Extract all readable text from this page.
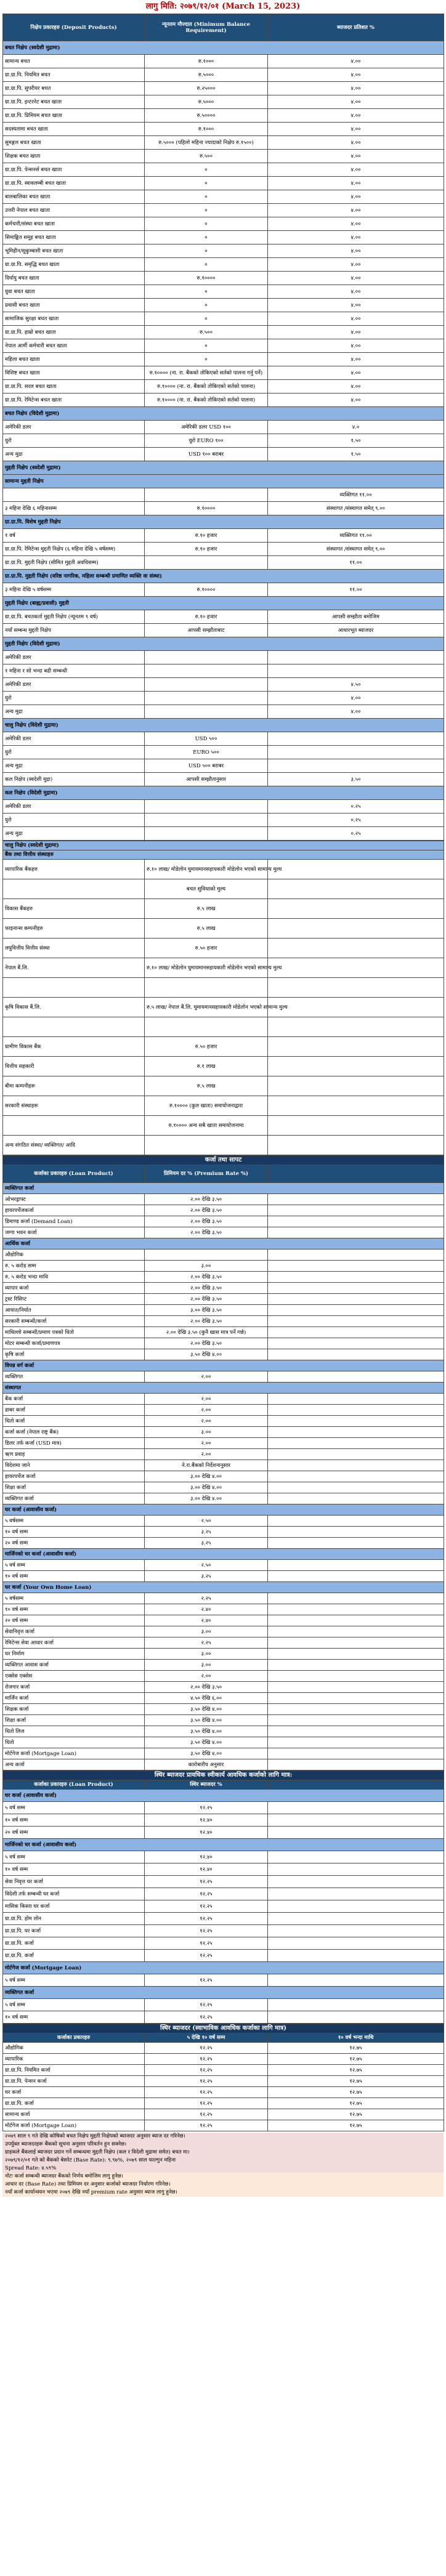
लागु मिति: २०७९/१२/०१ (March 15, 2023)
निक्षेप प्रकारहरु (Deposit Products)	न्यूनतम मौज्दात (Minimum Balance Requirement)	ब्याजदर प्रतिशत %
बचत निक्षेप (स्वदेशी मुद्रामा)		
सामान्य बचत	रु.१०००	४.००
ग्रा.ग्रा.पि. नियमित बचत	रु.५०००	४.००
ग्रा.ग्रा.पि. सुपरीयर बचत	रु.२५०००	४.००
ग्रा.ग्रा.पि. इन्टरनेट बचत खाता	रु.५०००	४.००
ग्रा.ग्रा.पि. प्रिमियम बचत खाता	रु.५००००	४.००
सदस्यतामा बचत खाता	रु.१०००	४.००
सुमङ्गल बचत खाता	रु.५००० (पहिलो महिना ज्यादाको निक्षेप रु.१५००)	४.००
शिक्षक बचत खाता	रु.५००	४.००
ग्रा.ग्रा.पि. पेन्सनर्स बचत खाता	०	४.००
ग्रा.ग्रा.पि. स्वावलम्बी बचत खाता	०	४.००
बालबालिका बचत खाता	०	४.००
उत्तरी नेपाल बचत खाता	०	४.००
कर्मचारी/संस्था बचत खाता	०	४.००
सिमाङ्कित समूह बचत खाता	०	४.००
भूमिहीन/सुकुम्बासी बचत खाता	०	४.००
ग्रा.ग्रा.पि. समृद्धि बचत खाता	०	४.००
दिर्घायु बचत खाता	रु.१००००	४.००
युवा बचत खाता	०	४.००
प्रवासी बचत खाता	०	४.००
सामाजिक सुरक्षा बचत खाता	०	४.००
ग्रा.ग्रा.पि. हाम्रो बचत खाता	रु.५००	४.००
नेपाल आर्मी कर्मचारी बचत खाता	०	४.००
महिला बचत खाता	०	४.००
विशिष्ट बचत खाता	रु.१०००० (ना. रा. बैंकको तोकिएको सर्तको पालना गर्नु पर्ने)	४.००
ग्रा.ग्रा.पि. सरल बचत खाता	रु.१०००० (ना. रा. बैंकको तोकिएको सर्तको पालना)	४.००
ग्रा.ग्रा.पि. रेमिटेन्स बचत खाता	रु.१०००० (ना. रा. बैंकको तोकिएको सर्तको पालना)	४.००
बचत निक्षेप (विदेशी मुद्रामा)		
अमेरिकी डलर	अमेरिकी डलर USD १००	४.०
युरो	युरो EURO १००	१.५०
अन्य मुद्रा	USD १०० बराबर	१.५०
मुद्दती निक्षेप (स्वदेशी मुद्रामा)		
सामान्य मुद्दती निक्षेप		
		व्यक्तिगत ११.००
३ महिना देखि ६ महिनासम्म	रु.१००००	संस्थागत /संस्थागत समेत् ९.००
ग्रा.ग्रा.पि. विशेष मुद्दती निक्षेप		
१ वर्ष	रु.१० हजार	व्यक्तिगत ११.००
ग्रा.ग्रा.पि. रेमिटेन्स मुद्दती निक्षेप (६ महिना देखि ५ वर्षसम्म)	रु.१० हजार	संस्थागत /संस्थागत समेत् ९.००
ग्रा.ग्रा.पि. मुद्दती निक्षेप (सीमित मुद्दती अवधिसम्म)		११.००
ग्रा.ग्रा.पि. मुद्दती निक्षेप (वरिष्ठ नागरिक, महिला सम्बन्धी प्रमाणित व्यक्ति वा संस्था)		
३ महिना देखि ५ वर्षसम्म	रु.१००००	११.००
मुद्दती निक्षेप (बाह्य/प्रवासी) मुद्दती		
ग्रा.ग्रा.पि. बचतकर्ता मुद्दती निक्षेप (न्यूनतम ९ वर्ष)	रु.१० हजार	आपसी सम्झौता बमोजिम
नयाँ सम्बन्ध मुद्दती निक्षेप	आपसी सम्झौताबाट	आधारभूत ब्याजदर
मुद्दती निक्षेप (विदेशी मुद्रामा)		
अमेरिकी डलर		
१ महिना र सो भन्दा बढी सम्बन्धी		
अमेरिकी डलर		४.५०
युरो		४.००
अन्य मुद्रा		४.००
चालु निक्षेप (विदेशी मुद्रामा)		
अमेरिकी डलर	USD ५००	
युरो	EURO ५००	
अन्य मुद्रा	USD ५०० बराबर	
कल निक्षेप (स्वदेशी मुद्रा)	आपसी सम्झौतानुसार	३.५०
कल निक्षेप (विदेशी मुद्रामा)		
अमेरिकी डलर		०.२५
युरो		०.२५
अन्य मुद्रा		०.२५
चालु निक्षेप (स्वदेशी मुद्रामा)		
बैंक तथा वित्तीय संस्थाहरु		
व्यापारिक बैंकहरु	रु.१० लाख/ मोडेलोन घुमायमानसहायकारी मोडेलोन भएको सामान्य मुल्य	
	बचत सुविधाको मुल्य	
विकास बैंकहरु	रु.५ लाख	
फाइनान्स कम्पनीहरु	रु.५ लाख	
लघुवित्तीय वित्तीय संस्था	रु.५० हजार	
नेपाल बैं.लि.	रु.१० लाख/ मोडेलोन घुमायमानसहायकारी मोडेलोन भएको सामान्य मुल्य	

कृषि विकास बैं.लि.	रु.५ लाख/ नेपाल बैं.लि. घुमायमानसहायकारी मोडेलोन भएको सामान्य मुल्य	

ग्रामीण विकास बैंक	रु.५० हजार	
वित्तीय सहकारी	रु.१ लाख	
बीमा कम्पनीहरू	रु.५ लाख	
सरकारी संस्थाहरू	रु.१०००० (कुल खाता) समायोजनाद्वारा	
	रु.१०००० अन्य सबै खाता समायोजनामा	
अन्य संगठित संस्था/ व्यक्तिगत/ आदि		
कर्जा तथा सापट		
कर्जाका प्रकारहरु (Loan Product)	प्रिमियम दर % (Premium Rate %)	
व्यक्तिगत कर्जा		
ओभरड्राफ्ट	२.०० देखि ३.५०	
हायरपर्चेजकर्जा	२.०० देखि ३.५०	
डिमाण्ड कर्जा (Demand Loan)	२.०० देखि ३.५०	
जग्गा भवन कर्जा	२.०० देखि ३.५०	
आर्थिक कर्जा		
औद्योगिक		
रु. ५ करोड सम्म	३.००	
रु. ५ करोड भन्दा माथि	२.०० देखि ३.५०	
व्यापार कर्जा	२.०० देखि ३.५०	
ट्रस्ट रिसिप्ट	२.०० देखि ३.५०	
आयात/निर्यात	३.०० देखि ३.५०	
सरकारी सम्बन्धी/कर्जा	२.०० देखि ३.५०	
माथिल्लो सम्बन्धी/प्रमाण पत्रको धितो	२.०० देखि ३.५० (कुनै खास मात्र पर्ने गर्छ)	
मोटर सम्बन्धी कर्जा/प्रमाणपत्र	२.०० देखि ३.५०	
कृषि कर्जा	३.५० देखि ४.००	
विपन्न वर्ग कर्जा		
व्यक्तिगत	२.००	
संस्थागत		
बैंक कर्जा	२.००	
डाबर कर्जा	२.००	
धितो कर्जा	२.००	
कर्जा कर्जा (नेपाल राष्ट्र बैंक)	३.००	
डिलर तर्फ कर्जा (USD मात्र)	२.००	
ऋण प्रवाह	२.००	
विदेशमा जाने	ने.रा.बैंकको निर्देशनानुसार	
हायरपर्चेज कर्जा	३.०० देखि ४.००	
शिक्षा कर्जा	३.०० देखि ४.००	
व्यक्तिगत कर्जा	३.०० देखि ४.००	
घर कर्जा (आवासीय कर्जा)		
५ वर्षसम्म	२.५०	
१० वर्ष सम्म	३.२५	
२० वर्ष सम्म	३.२५	
मार्जिनको घर कर्जा (आवासीय कर्जा)		
५ वर्ष सम्म	२.५०	
१० वर्ष सम्म	३.२५	
घर कर्जा (Your Own Home Loan)		
५ वर्षसम्म	२.२५	
१० वर्ष सम्म	२.४०	
२० वर्ष सम्म	२.४०	
सेवानिवृत्त कर्जा	३.००	
रेमिटेन्स सेवा आधार कर्जा	२.२५	
घर निर्माण	३.००	
व्यक्तिगत आवास कर्जा	३.००	
एक्सेस एक्सेस	२.००	
रोजगार कर्जा	२.०० देखि ३.५०	
मार्जिन कर्जा	४.५० देखि ६.००	
शिक्षक कर्जा	३.५० देखि ४.००	
शिक्षा कर्जा	३.५० देखि ४.००	
धितो लिज	३.५० देखि ४.००	
धितो	३.५० देखि ४.००	
मोर्टगेज कर्जा (Mortgage Loan)	३.५० देखि ४.००	
अन्य कर्जा	कारोबारीय अनुसार	
स्थिर ब्याजदर प्रावधिक स्वीकार्य आवधिक कर्जाको लागि मात्र:		
कर्जाका प्रकारहरु (Loan Product)	स्थिर ब्याजदर %	
घर कर्जा (आवासीय कर्जा)		
५ वर्ष सम्म	१२.२५	
१० वर्ष सम्म	१२.४०	
२० वर्ष सम्म	१२.४०	
मार्जिनको घर कर्जा (आवासीय कर्जा)		
५ वर्ष सम्म	१२.४०	
१० वर्ष सम्म	१२.४०	
सेवा निवृत्त घर कर्जा	१२.२५	
विदेशी तर्फ सम्बन्धी घर कर्जा	१२.२५	
मासिक किस्ता घर कर्जा	१२.२५	
ग्रा.ग्रा.पि. होम लोन	१२.२५	
ग्रा.ग्रा.पि. घर कर्जा	१२.२५	
ग्रा.ग्रा.पि. कर्जा	१२.२५	
ग्रा.ग्रा.पि. कर्जा	१२.२५	
मोर्टगेज कर्जा (Mortgage Loan)		
५ वर्ष सम्म	१२.२५	
व्यक्तिगत कर्जा		
५ वर्ष सम्म	१२.२५	
१० वर्ष सम्म	१२.२५	
स्थिर ब्याजदर (स्वाभाविक आवधिक कर्जाका लागि मात्र)		
कर्जाका प्रकारहरु	५ देखि १० वर्ष सम्म	१० वर्ष भन्दा माथि
औद्योगिक	१२.२५	१२.७५
व्यापारिक	१२.२५	१२.७५
ग्रा.ग्रा.पि. नियमित कर्जा	१२.२५	१२.७५
ग्रा.ग्रा.पि. पेन्सन कर्जा	१२.२५	१२.७५
घर कर्जा	१२.२५	१२.७५
ग्रा.ग्रा.पि. कर्जा	१२.२५	१२.७५
सामान्य कर्जा	१२.२५	१२.७५
मोर्टगेज कर्जा (Mortgage Loan)	१२.२५	१२.७५
२०७९ साल ९ गते देखि कोषिको बचत निक्षेप मुद्दती निक्षेपको ब्याजदर अनुसार ब्याज दर गरिनेछ।
उपर्युक्त ब्याजदरहरू बैंकको सूचना अनुसार परिवर्तन हुन सक्नेछ।
ग्राहकले बैंकलाई ब्याजदर प्रदान गर्ने सम्बन्धमा मुद्दती निक्षेप (कल र विदेशी मुद्रामा समेत) बचत मा।
२०७९/१२/०१ गते को बैंकको बेसरेट (Base Rate): ९.९७%, २०७९ साल फाल्गुन महिना
Spread Rate: ४.५९%
नोटः कर्जा सम्बन्धी ब्याजदर बैंकको निर्णय बमोजिम लागु हुनेछ।
आधार दर (Base Rate) तथा प्रिमियम दर अनुसार कर्जाको ब्याजदर निर्धारण गरिनेछ।
नयाँ कर्जा कार्यान्वयन भएमा २०७९ देखि नयाँ premium rate अनुसार ब्याज लागु हुनेछ।
